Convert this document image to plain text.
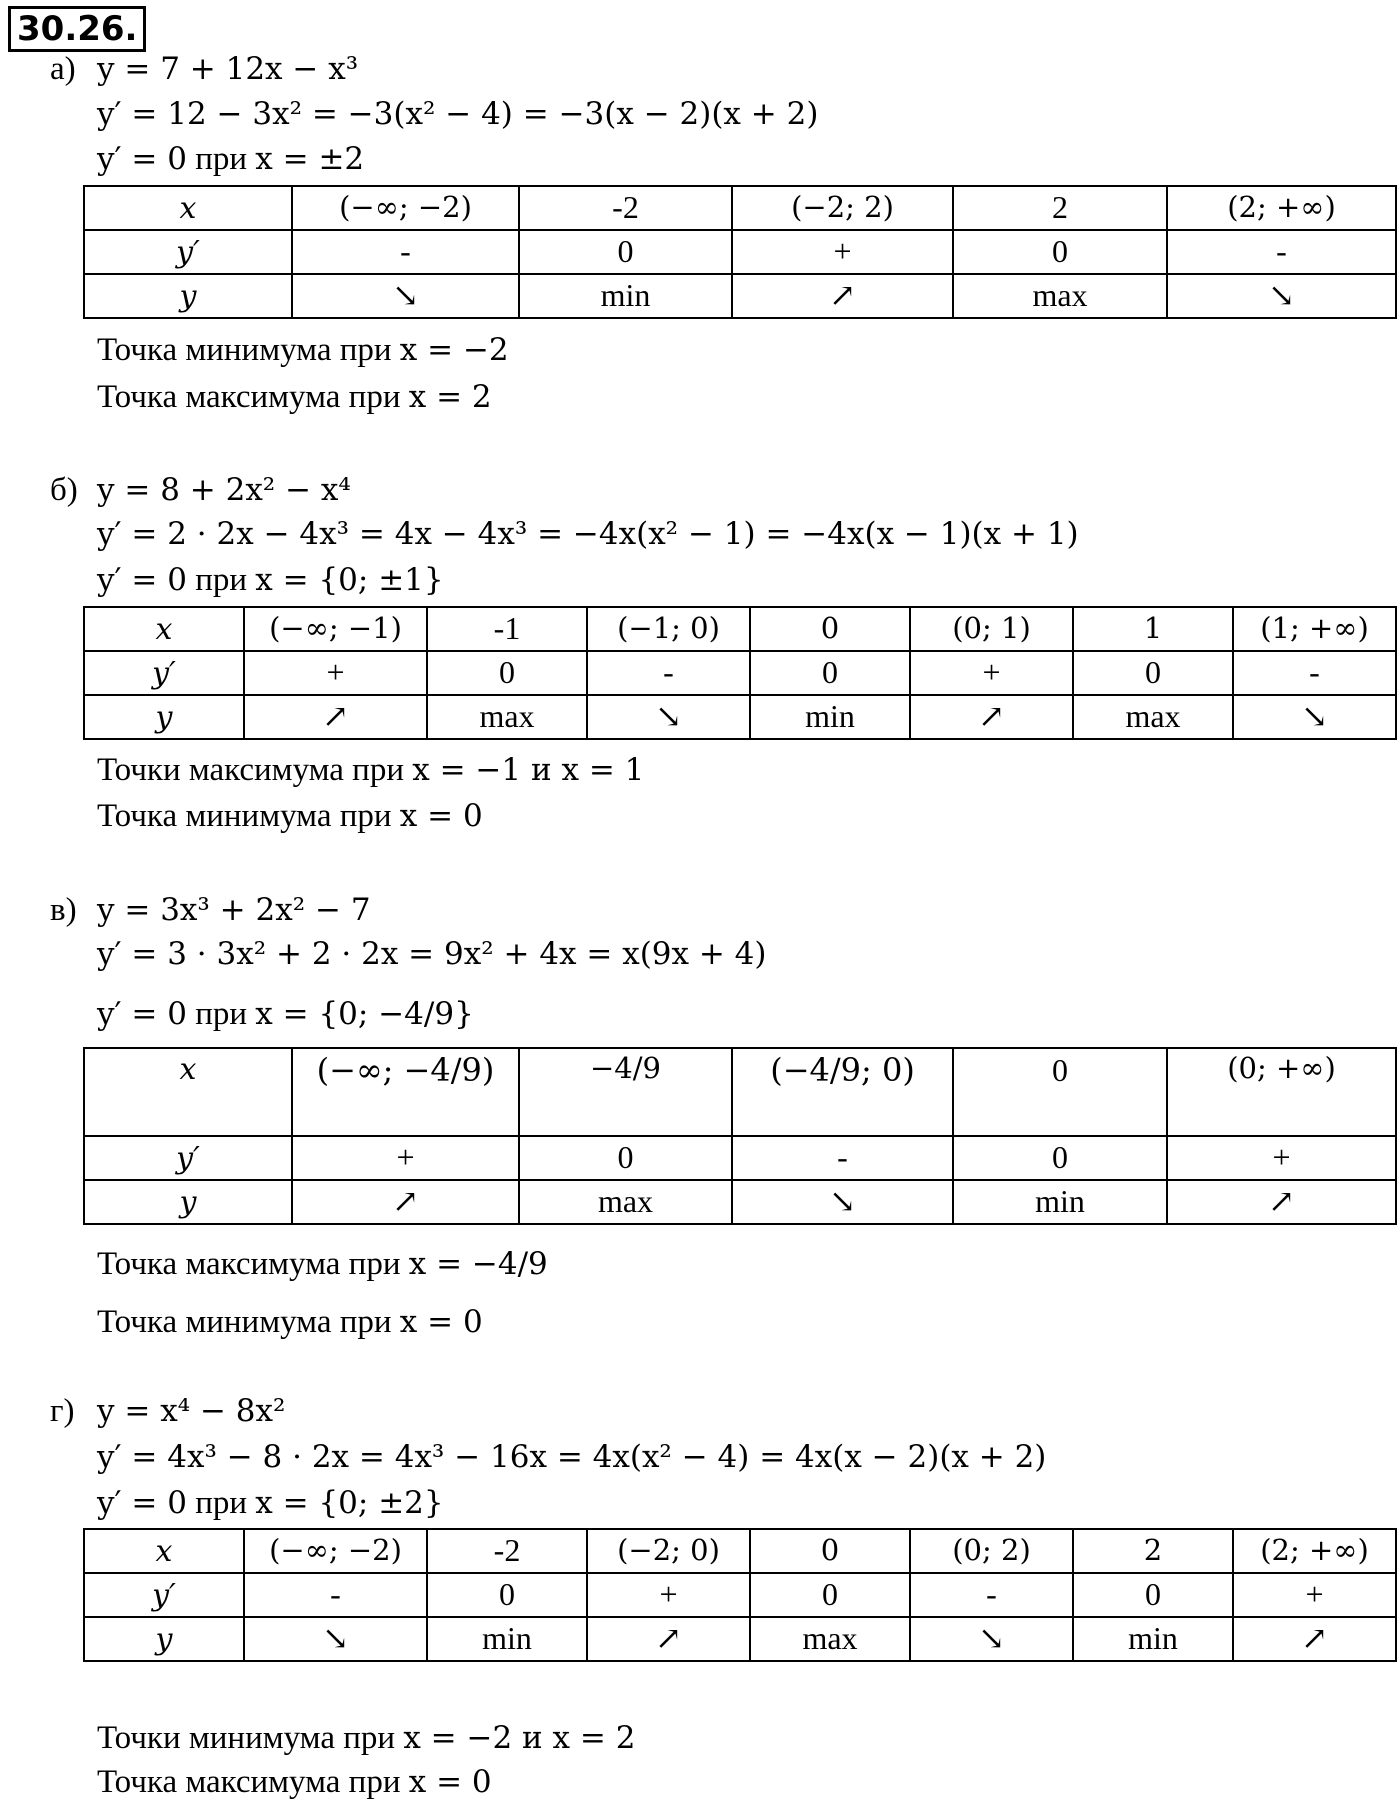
30.26.
а) y = 7 + 12x − x³
y′ = 12 − 3x² = −3(x² − 4) = −3(x − 2)(x + 2)
y′ = 0 при x = ±2
x	(−∞; −2)	-2	(−2; 2)	2	(2; +∞)
y′	-	0	+	0	-
y	↘	min	↗	max	↘
Точка минимума при x = −2
Точка максимума при x = 2
б) y = 8 + 2x² − x⁴
y′ = 2 · 2x − 4x³ = 4x − 4x³ = −4x(x² − 1) = −4x(x − 1)(x + 1)
y′ = 0 при x = {0; ±1}
x	(−∞; −1)	-1	(−1; 0)	0	(0; 1)	1	(1; +∞)
y′	+	0	-	0	+	0	-
y	↗	max	↘	min	↗	max	↘
Точки максимума при x = −1 и x = 1
Точка минимума при x = 0
в) y = 3x³ + 2x² − 7
y′ = 3 · 3x² + 2 · 2x = 9x² + 4x = x(9x + 4)
y′ = 0 при x = {0; −4/9}
x	(−∞; −4/9)	−4/9	(−4/9; 0)	0	(0; +∞)
y′	+	0	-	0	+
y	↗	max	↘	min	↗
Точка максимума при x = −4/9
Точка минимума при x = 0
г) y = x⁴ − 8x²
y′ = 4x³ − 8 · 2x = 4x³ − 16x = 4x(x² − 4) = 4x(x − 2)(x + 2)
y′ = 0 при x = {0; ±2}
x	(−∞; −2)	-2	(−2; 0)	0	(0; 2)	2	(2; +∞)
y′	-	0	+	0	-	0	+
y	↘	min	↗	max	↘	min	↗
Точки минимума при x = −2 и x = 2
Точка максимума при x = 0
